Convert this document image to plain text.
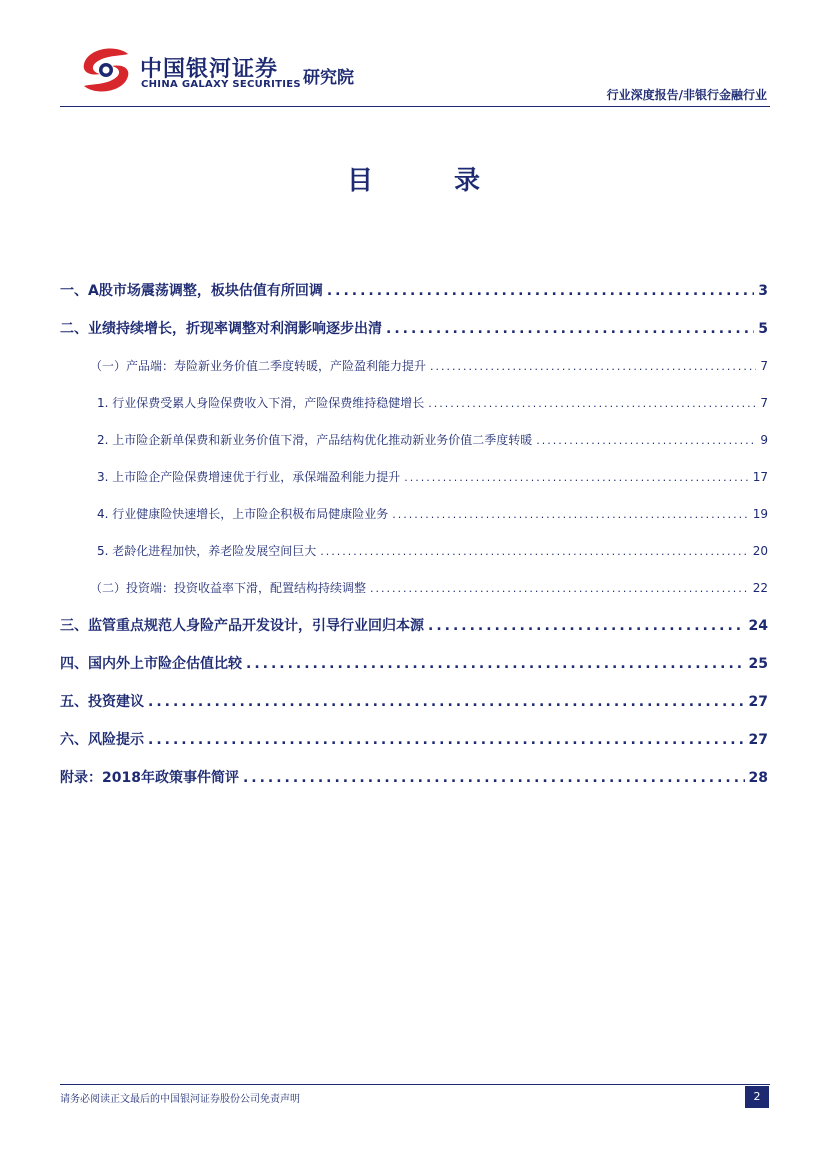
中国银河证券
CHINA GALAXY SECURITIES 研究院
行业深度报告/非银行金融行业
目 录
一、A股市场震荡调整，板块估值有所回调 .....	3
二、业绩持续增长，折现率调整对利润影响逐步出清 .....	5
（一）产品端：寿险新业务价值二季度转暖，产险盈利能力提升 .....	7
1. 行业保费受累人身险保费收入下滑，产险保费维持稳健增长 .....	7
2. 上市险企新单保费和新业务价值下滑，产品结构优化推动新业务价值二季度转暖 .....	9
3. 上市险企产险保费增速优于行业，承保端盈利能力提升 .....	17
4. 行业健康险快速增长，上市险企积极布局健康险业务 .....	19
5. 老龄化进程加快，养老险发展空间巨大 .....	20
（二）投资端：投资收益率下滑，配置结构持续调整 .....	22
三、监管重点规范人身险产品开发设计，引导行业回归本源 .....	24
四、国内外上市险企估值比较 .....	25
五、投资建议 .....	27
六、风险提示 .....	27
附录：2018年政策事件简评 .....	28
请务必阅读正文最后的中国银河证券股份公司免责声明	2
